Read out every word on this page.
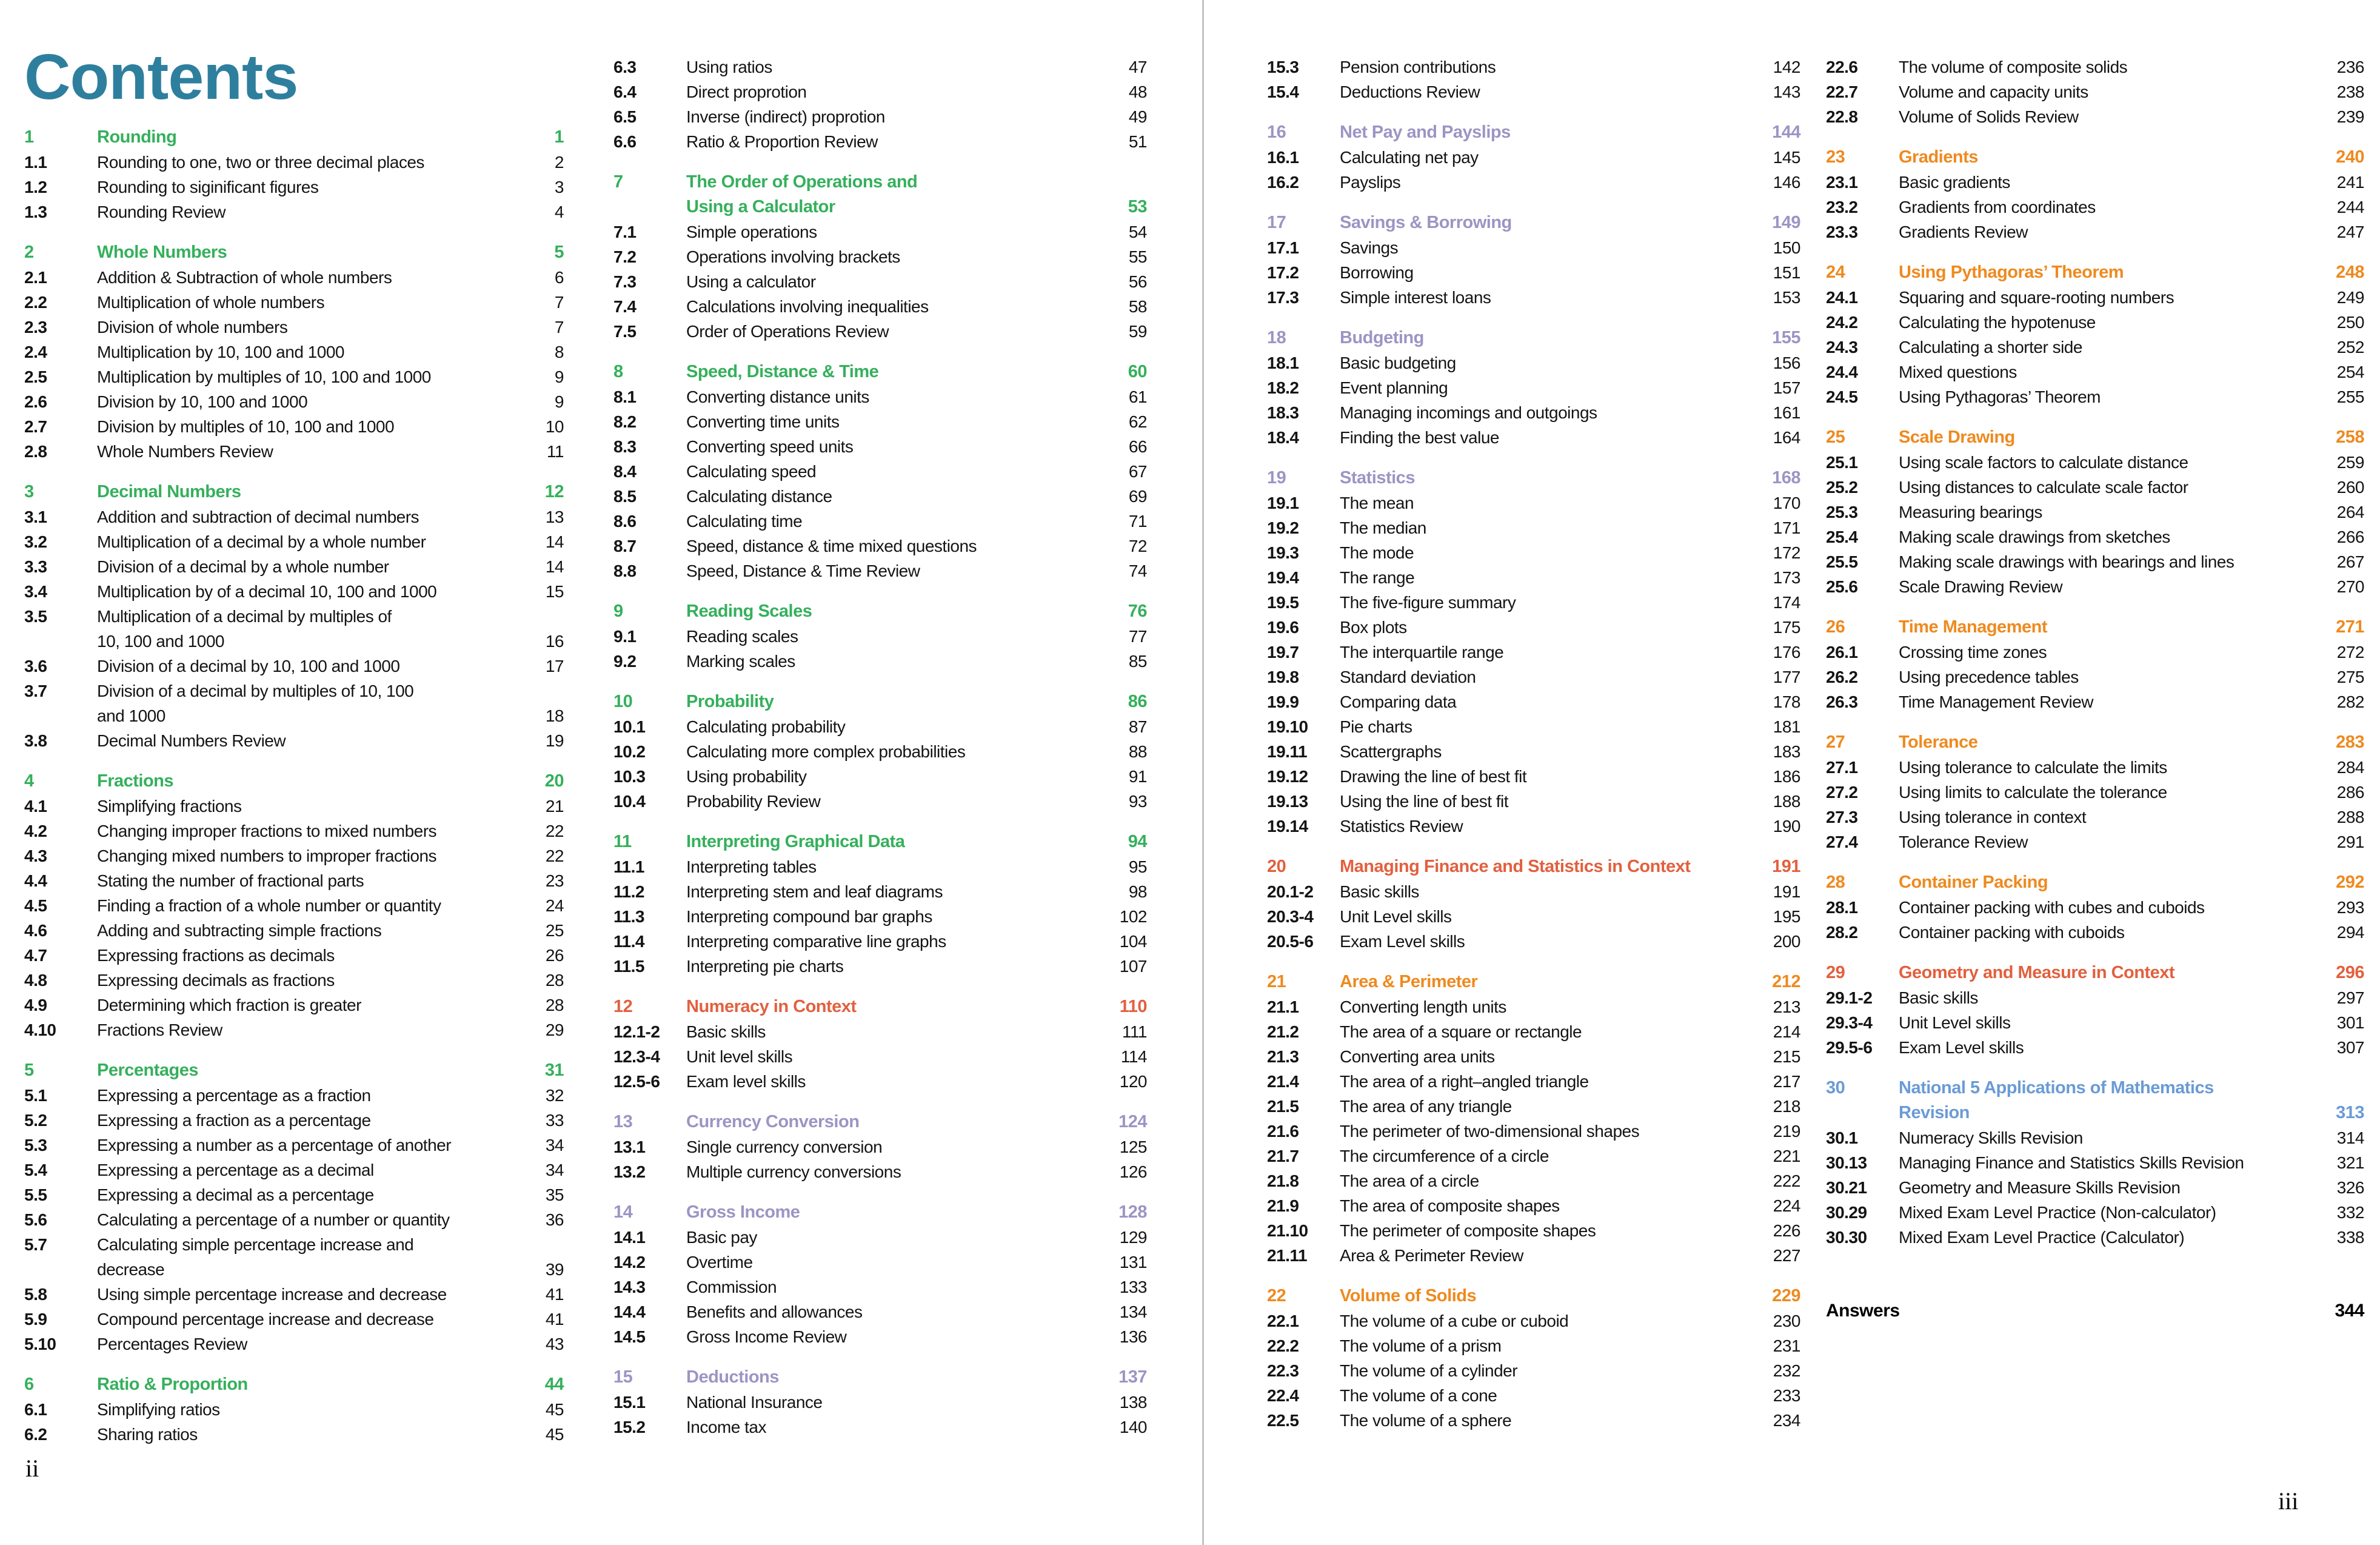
Contents
1	Rounding	1
1.1	Rounding to one, two or three decimal places	2
1.2	Rounding to siginificant figures	3
1.3	Rounding Review	4
2	Whole Numbers	5
2.1	Addition & Subtraction of whole numbers	6
2.2	Multiplication of whole numbers	7
2.3	Division of whole numbers	7
2.4	Multiplication by 10, 100 and 1000	8
2.5	Multiplication by multiples of 10, 100 and 1000	9
2.6	Division by 10, 100 and 1000	9
2.7	Division by multiples of 10, 100 and 1000	10
2.8	Whole Numbers Review	11
3	Decimal Numbers	12
3.1	Addition and subtraction of decimal numbers	13
3.2	Multiplication of a decimal by a whole number	14
3.3	Division of a decimal by a whole number	14
3.4	Multiplication by of a decimal 10, 100 and 1000	15
3.5	Multiplication of a decimal by multiples of
10, 100 and 1000	16
3.6	Division of a decimal by 10, 100 and 1000	17
3.7	Division of a decimal by multiples of 10, 100
and 1000	18
3.8	Decimal Numbers Review	19
4	Fractions	20
4.1	Simplifying fractions	21
4.2	Changing improper fractions to mixed numbers	22
4.3	Changing mixed numbers to improper fractions	22
4.4	Stating the number of fractional parts	23
4.5	Finding a fraction of a whole number or quantity	24
4.6	Adding and subtracting simple fractions	25
4.7	Expressing fractions as decimals	26
4.8	Expressing decimals as fractions	28
4.9	Determining which fraction is greater	28
4.10	Fractions Review	29
5	Percentages	31
5.1	Expressing a percentage as a fraction	32
5.2	Expressing a fraction as a percentage	33
5.3	Expressing a number as a percentage of another	34
5.4	Expressing a percentage as a decimal	34
5.5	Expressing a decimal as a percentage	35
5.6	Calculating a percentage of a number or quantity	36
5.7	Calculating simple percentage increase and
decrease	39
5.8	Using simple percentage increase and decrease	41
5.9	Compound percentage increase and decrease	41
5.10	Percentages Review	43
6	Ratio & Proportion	44
6.1	Simplifying ratios	45
6.2	Sharing ratios	45
6.3	Using ratios	47
6.4	Direct proprotion	48
6.5	Inverse (indirect) proprotion	49
6.6	Ratio & Proportion Review	51
7	The Order of Operations and
Using a Calculator	53
7.1	Simple operations	54
7.2	Operations involving brackets	55
7.3	Using a calculator	56
7.4	Calculations involving inequalities	58
7.5	Order of Operations Review	59
8	Speed, Distance & Time	60
8.1	Converting distance units	61
8.2	Converting time units	62
8.3	Converting speed units	66
8.4	Calculating speed	67
8.5	Calculating distance	69
8.6	Calculating time	71
8.7	Speed, distance & time mixed questions	72
8.8	Speed, Distance & Time Review	74
9	Reading Scales	76
9.1	Reading scales	77
9.2	Marking scales	85
10	Probability	86
10.1	Calculating probability	87
10.2	Calculating more complex probabilities	88
10.3	Using probability	91
10.4	Probability Review	93
11	Interpreting Graphical Data	94
11.1	Interpreting tables	95
11.2	Interpreting stem and leaf diagrams	98
11.3	Interpreting compound bar graphs	102
11.4	Interpreting comparative line graphs	104
11.5	Interpreting pie charts	107
12	Numeracy in Context	110
12.1-2	Basic skills	111
12.3-4	Unit level skills	114
12.5-6	Exam level skills	120
13	Currency Conversion	124
13.1	Single currency conversion	125
13.2	Multiple currency conversions	126
14	Gross Income	128
14.1	Basic pay	129
14.2	Overtime	131
14.3	Commission	133
14.4	Benefits and allowances	134
14.5	Gross Income Review	136
15	Deductions	137
15.1	National Insurance	138
15.2	Income tax	140
15.3	Pension contributions	142
15.4	Deductions Review	143
16	Net Pay and Payslips	144
16.1	Calculating net pay	145
16.2	Payslips	146
17	Savings & Borrowing	149
17.1	Savings	150
17.2	Borrowing	151
17.3	Simple interest loans	153
18	Budgeting	155
18.1	Basic budgeting	156
18.2	Event planning	157
18.3	Managing incomings and outgoings	161
18.4	Finding the best value	164
19	Statistics	168
19.1	The mean	170
19.2	The median	171
19.3	The mode	172
19.4	The range	173
19.5	The five-figure summary	174
19.6	Box plots	175
19.7	The interquartile range	176
19.8	Standard deviation	177
19.9	Comparing data	178
19.10	Pie charts	181
19.11	Scattergraphs	183
19.12	Drawing the line of best fit	186
19.13	Using the line of best fit	188
19.14	Statistics Review	190
20	Managing Finance and Statistics in Context	191
20.1-2	Basic skills	191
20.3-4	Unit Level skills	195
20.5-6	Exam Level skills	200
21	Area & Perimeter	212
21.1	Converting length units	213
21.2	The area of a square or rectangle	214
21.3	Converting area units	215
21.4	The area of a right–angled triangle	217
21.5	The area of any triangle	218
21.6	The perimeter of two-dimensional shapes	219
21.7	The circumference of a circle	221
21.8	The area of a circle	222
21.9	The area of composite shapes	224
21.10	The perimeter of composite shapes	226
21.11	Area & Perimeter Review	227
22	Volume of Solids	229
22.1	The volume of a cube or cuboid	230
22.2	The volume of a prism	231
22.3	The volume of a cylinder	232
22.4	The volume of a cone	233
22.5	The volume of a sphere	234
22.6	The volume of composite solids	236
22.7	Volume and capacity units	238
22.8	Volume of Solids Review	239
23	Gradients	240
23.1	Basic gradients	241
23.2	Gradients from coordinates	244
23.3	Gradients Review	247
24	Using Pythagoras’ Theorem	248
24.1	Squaring and square-rooting numbers	249
24.2	Calculating the hypotenuse	250
24.3	Calculating a shorter side	252
24.4	Mixed questions	254
24.5	Using Pythagoras’ Theorem	255
25	Scale Drawing	258
25.1	Using scale factors to calculate distance	259
25.2	Using distances to calculate scale factor	260
25.3	Measuring bearings	264
25.4	Making scale drawings from sketches	266
25.5	Making scale drawings with bearings and lines	267
25.6	Scale Drawing Review	270
26	Time Management	271
26.1	Crossing time zones	272
26.2	Using precedence tables	275
26.3	Time Management Review	282
27	Tolerance	283
27.1	Using tolerance to calculate the limits	284
27.2	Using limits to calculate the tolerance	286
27.3	Using tolerance in context	288
27.4	Tolerance Review	291
28	Container Packing	292
28.1	Container packing with cubes and cuboids	293
28.2	Container packing with cuboids	294
29	Geometry and Measure in Context	296
29.1-2	Basic skills	297
29.3-4	Unit Level skills	301
29.5-6	Exam Level skills	307
30	National 5 Applications of Mathematics
Revision	313
30.1	Numeracy Skills Revision	314
30.13	Managing Finance and Statistics Skills Revision	321
30.21	Geometry and Measure Skills Revision	326
30.29	Mixed Exam Level Practice (Non-calculator)	332
30.30	Mixed Exam Level Practice (Calculator)	338
Answers	344
ii
iii
